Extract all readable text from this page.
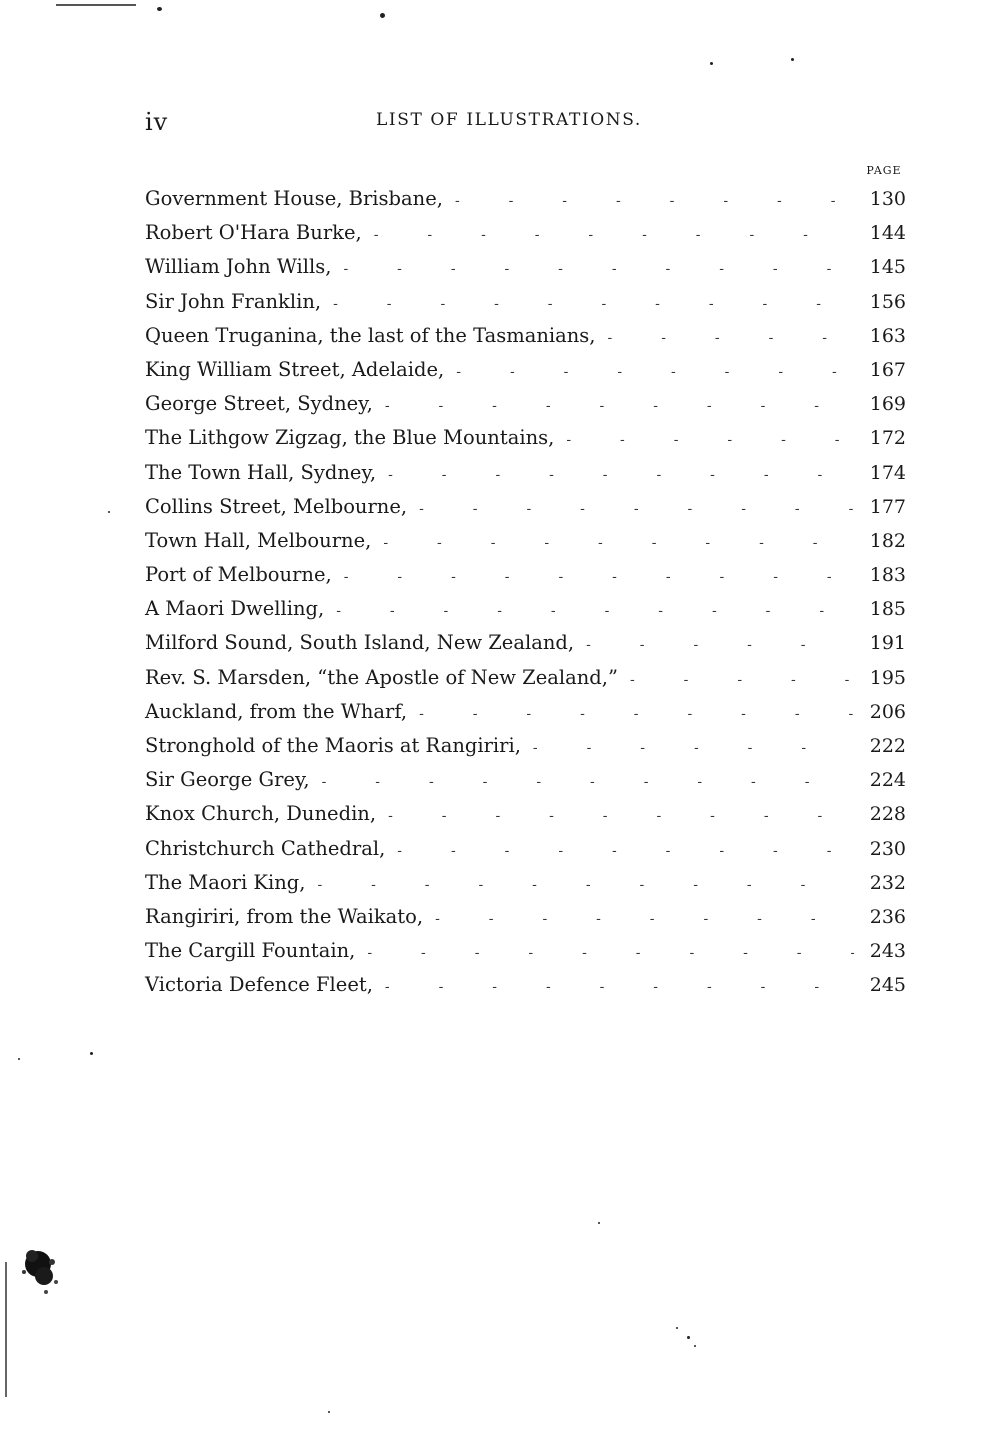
iv	LIST OF ILLUSTRATIONS.
PAGE
Government House, Brisbane, -	130
Robert O'Hara Burke, -	144
William John Wills, -	145
Sir John Franklin, -	156
Queen Truganina, the last of the Tasmanians, -	163
King William Street, Adelaide, -	167
George Street, Sydney, -	169
The Lithgow Zigzag, the Blue Mountains, -	172
The Town Hall, Sydney, -	174
Collins Street, Melbourne, -	177
Town Hall, Melbourne, -	182
Port of Melbourne, -	183
A Maori Dwelling, -	185
Milford Sound, South Island, New Zealand, -	191
Rev. S. Marsden, “the Apostle of New Zealand,” -	195
Auckland, from the Wharf, -	206
Stronghold of the Maoris at Rangiriri, -	222
Sir George Grey, -	224
Knox Church, Dunedin, -	228
Christchurch Cathedral, -	230
The Maori King, -	232
Rangiriri, from the Waikato, -	236
The Cargill Fountain, -	243
Victoria Defence Fleet, -	245
